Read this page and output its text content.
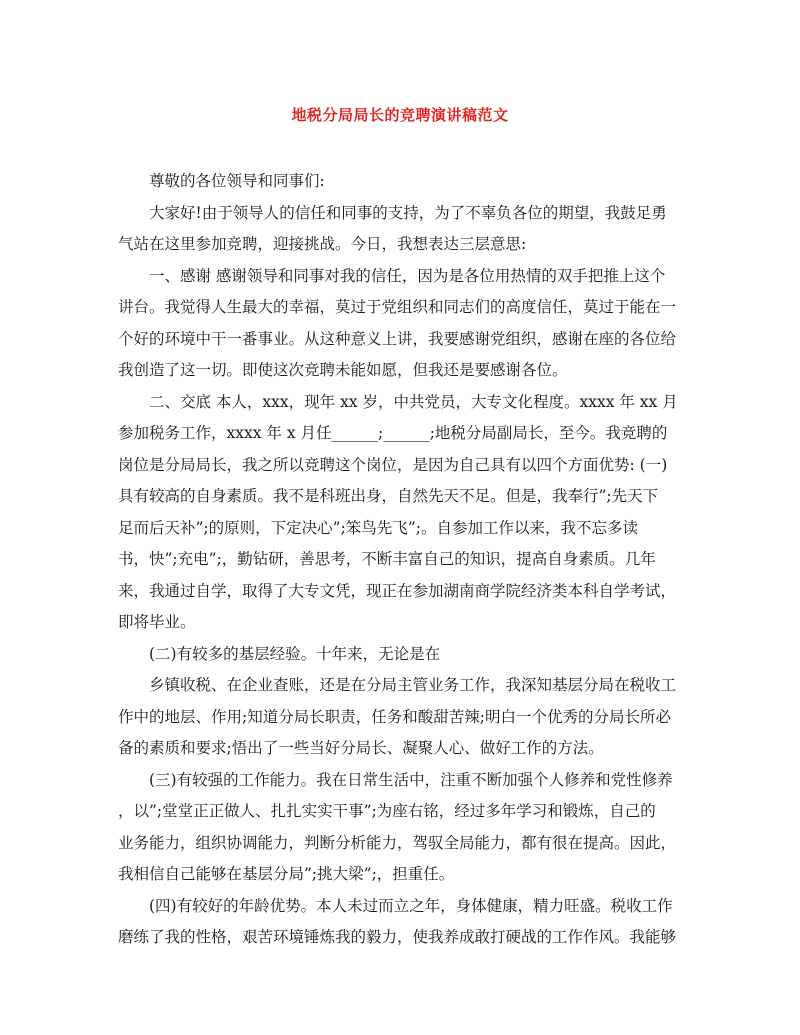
地税分局局长的竞聘演讲稿范文
尊敬的各位领导和同事们:
大家好!由于领导人的信任和同事的支持，为了不辜负各位的期望，我鼓足勇
气站在这里参加竞聘，迎接挑战。今日，我想表达三层意思:
一、感谢 感谢领导和同事对我的信任，因为是各位用热情的双手把推上这个
讲台。我觉得人生最大的幸福，莫过于党组织和同志们的高度信任，莫过于能在一
个好的环境中干一番事业。从这种意义上讲，我要感谢党组织，感谢在座的各位给
我创造了这一切。即使这次竞聘未能如愿，但我还是要感谢各位。
二、交底 本人，xxx，现年 xx 岁，中共党员，大专文化程度。xxxx 年 xx 月
参加税务工作，xxxx 年 x 月任______;______;地税分局副局长，至今。我竞聘的
岗位是分局局长，我之所以竞聘这个岗位，是因为自己具有以四个方面优势: (一)
具有较高的自身素质。我不是科班出身，自然先天不足。但是，我奉行”;先天下
足而后天补”;的原则，下定决心”;笨鸟先飞”;。自参加工作以来，我不忘多读
书，快”;充电”;，勤钻研，善思考，不断丰富自己的知识，提高自身素质。几年
来，我通过自学，取得了大专文凭，现正在参加湖南商学院经济类本科自学考试，
即将毕业。
(二)有较多的基层经验。十年来，无论是在
乡镇收税、在企业查账，还是在分局主管业务工作，我深知基层分局在税收工
作中的地层、作用;知道分局长职责，任务和酸甜苦辣;明白一个优秀的分局长所必
备的素质和要求;悟出了一些当好分局长、凝聚人心、做好工作的方法。
(三)有较强的工作能力。我在日常生活中，注重不断加强个人修养和党性修养
，以”;堂堂正正做人、扎扎实实干事”;为座右铭，经过多年学习和锻炼，自己的
业务能力，组织协调能力，判断分析能力，驾驭全局能力，都有很在提高。因此，
我相信自己能够在基层分局”;挑大梁”;，担重任。
(四)有较好的年龄优势。本人未过而立之年，身体健康，精力旺盛。税收工作
磨练了我的性格，艰苦环境锤炼我的毅力，使我养成敢打硬战的工作作风。我能够
